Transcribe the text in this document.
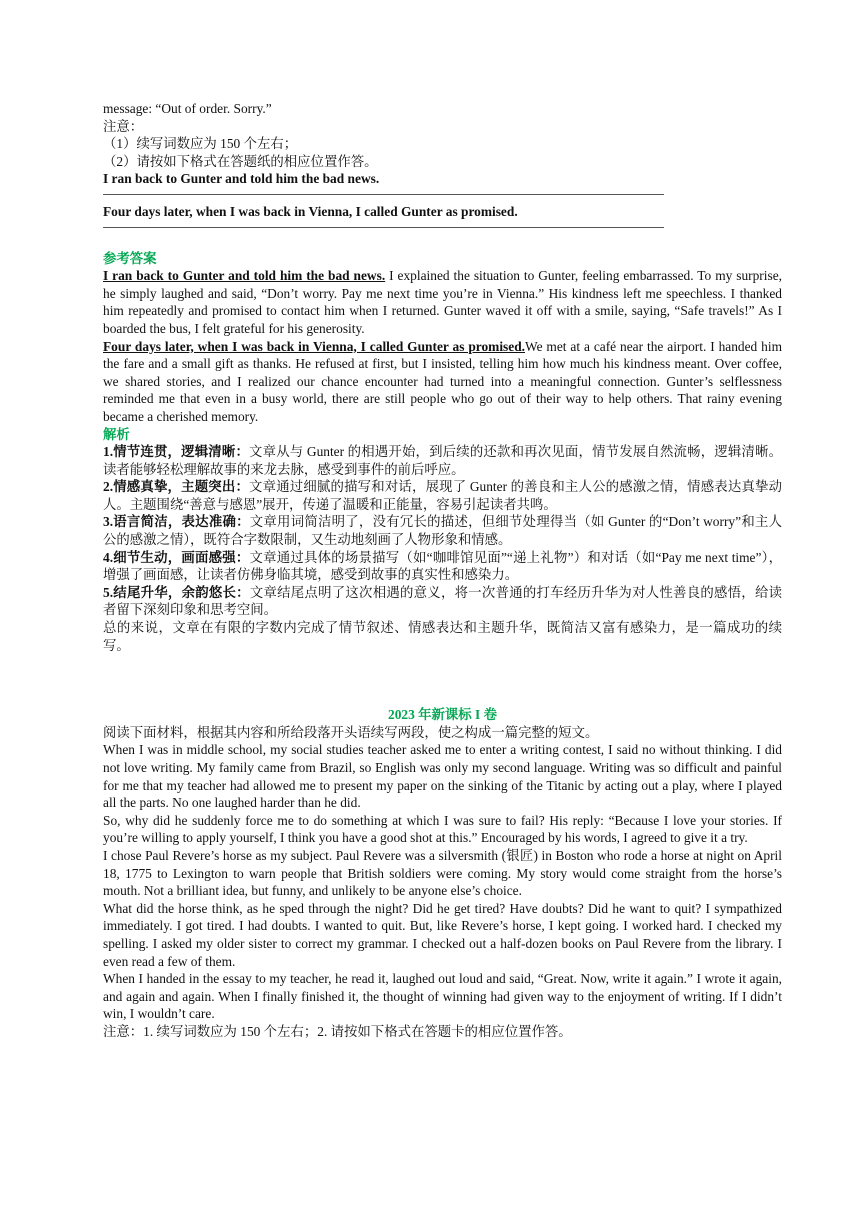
message: “Out of order. Sorry.”

注意：

（1）续写词数应为 150 个左右；

（2）请按如下格式在答题纸的相应位置作答。

I ran back to Gunter and told him the bad news.

Four days later, when I was back in Vienna, I called Gunter as promised.

参考答案

I ran back to Gunter and told him the bad news. I explained the situation to Gunter, feeling embarrassed. To my surprise, he simply laughed and said, “Don’t worry. Pay me next time you’re in Vienna.” His kindness left me speechless. I thanked him repeatedly and promised to contact him when I returned. Gunter waved it off with a smile, saying, “Safe travels!” As I boarded the bus, I felt grateful for his generosity.

Four days later, when I was back in Vienna, I called Gunter as promised.We met at a café near the airport. I handed him the fare and a small gift as thanks. He refused at first, but I insisted, telling him how much his kindness meant. Over coffee, we shared stories, and I realized our chance encounter had turned into a meaningful connection. Gunter’s selflessness reminded me that even in a busy world, there are still people who go out of their way to help others. That rainy evening became a cherished memory.

解析

1.情节连贯，逻辑清晰：文章从与 Gunter 的相遇开始，到后续的还款和再次见面，情节发展自然流畅，逻辑清晰。读者能够轻松理解故事的来龙去脉，感受到事件的前后呼应。

2.情感真挚，主题突出：文章通过细腻的描写和对话，展现了 Gunter 的善良和主人公的感激之情，情感表达真挚动人。主题围绕“善意与感恩”展开，传递了温暖和正能量，容易引起读者共鸣。

3.语言简洁，表达准确：文章用词简洁明了，没有冗长的描述，但细节处理得当（如 Gunter 的“Don’t worry”和主人公的感激之情），既符合字数限制，又生动地刻画了人物形象和情感。

4.细节生动，画面感强：文章通过具体的场景描写（如“咖啡馆见面”“递上礼物”）和对话（如“Pay me next time”），增强了画面感，让读者仿佛身临其境，感受到故事的真实性和感染力。

5.结尾升华，余韵悠长：文章结尾点明了这次相遇的意义，将一次普通的打车经历升华为对人性善良的感悟，给读者留下深刻印象和思考空间。

总的来说，文章在有限的字数内完成了情节叙述、情感表达和主题升华，既简洁又富有感染力，是一篇成功的续写。

2023 年新课标 I 卷

阅读下面材料，根据其内容和所给段落开头语续写两段，使之构成一篇完整的短文。

When I was in middle school, my social studies teacher asked me to enter a writing contest, I said no without thinking. I did not love writing. My family came from Brazil, so English was only my second language. Writing was so difficult and painful for me that my teacher had allowed me to present my paper on the sinking of the Titanic by acting out a play, where I played all the parts. No one laughed harder than he did.

So, why did he suddenly force me to do something at which I was sure to fail? His reply: “Because I love your stories. If you’re willing to apply yourself, I think you have a good shot at this.” Encouraged by his words, I agreed to give it a try.

I chose Paul Revere’s horse as my subject. Paul Revere was a silversmith (银匠) in Boston who rode a horse at night on April 18, 1775 to Lexington to warn people that British soldiers were coming. My story would come straight from the horse’s mouth. Not a brilliant idea, but funny, and unlikely to be anyone else’s choice.

What did the horse think, as he sped through the night? Did he get tired? Have doubts? Did he want to quit? I sympathized immediately. I got tired. I had doubts. I wanted to quit. But, like Revere’s horse, I kept going. I worked hard. I checked my spelling. I asked my older sister to correct my grammar. I checked out a half-dozen books on Paul Revere from the library. I even read a few of them.

When I handed in the essay to my teacher, he read it, laughed out loud and said, “Great. Now, write it again.” I wrote it again, and again and again. When I finally finished it, the thought of winning had given way to the enjoyment of writing. If I didn’t win, I wouldn’t care.

注意：1. 续写词数应为 150 个左右；2. 请按如下格式在答题卡的相应位置作答。
